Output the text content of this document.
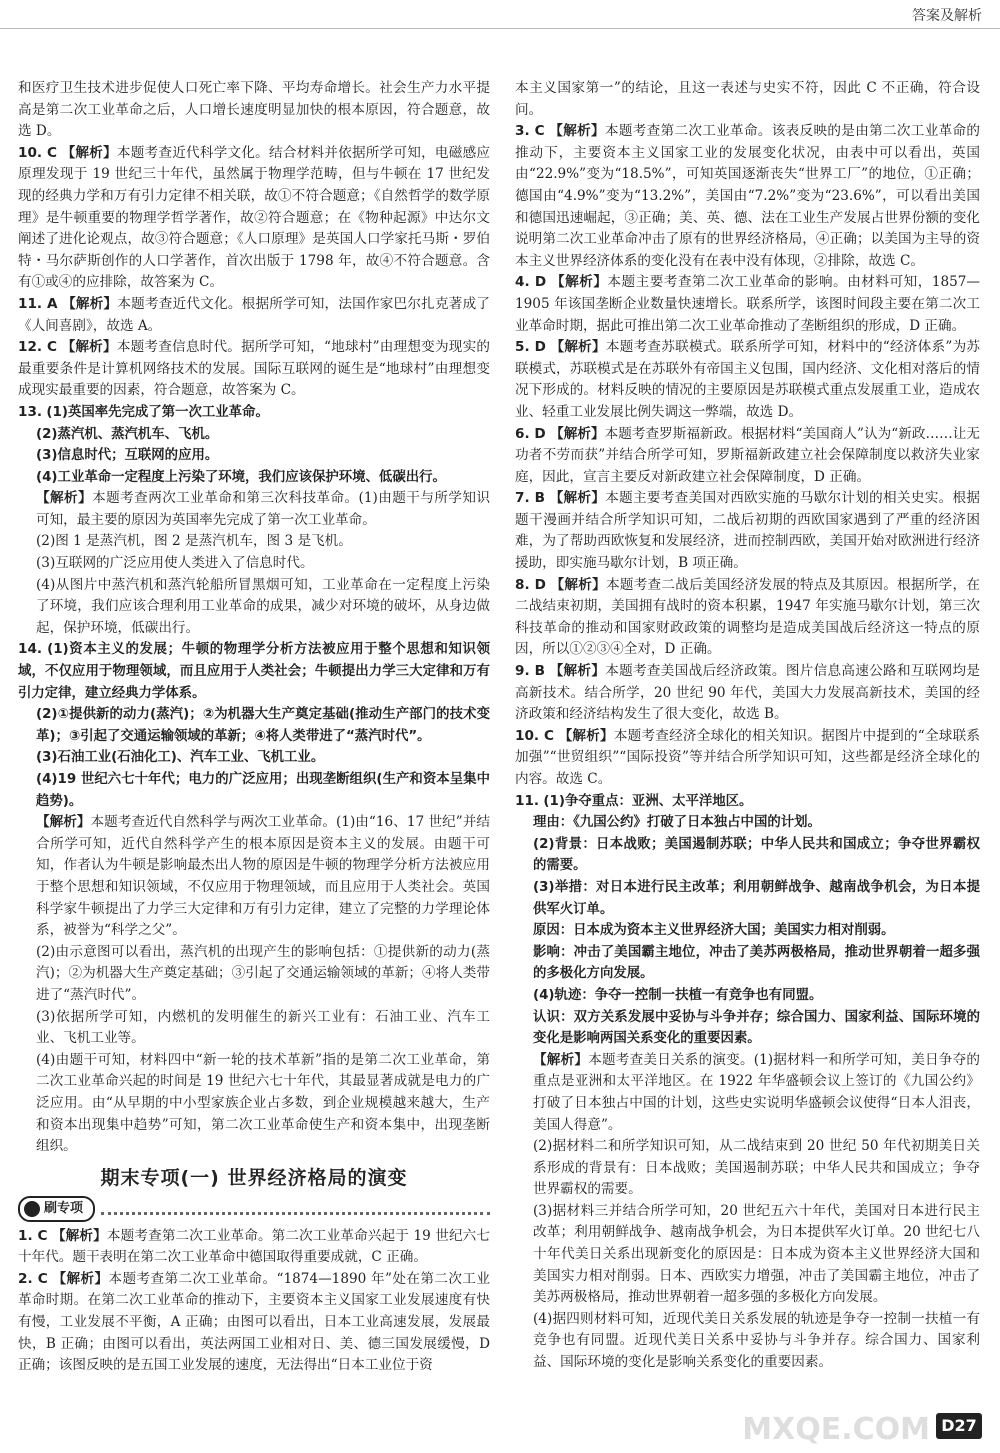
答案及解析

和医疗卫生技术进步促使人口死亡率下降、平均寿命增长。社会生产力水平提高是第二次工业革命之后，人口增长速度明显加快的根本原因，符合题意，故选 D。

10. C 【解析】本题考查近代科学文化。结合材料并依据所学可知，电磁感应原理发现于 19 世纪三十年代，虽然属于物理学范畴，但与牛顿在 17 世纪发现的经典力学和万有引力定律不相关联，故①不符合题意；《自然哲学的数学原理》是牛顿重要的物理学哲学著作，故②符合题意；在《物种起源》中达尔文阐述了进化论观点，故③符合题意；《人口原理》是英国人口学家托马斯・罗伯特・马尔萨斯创作的人口学著作，首次出版于 1798 年，故④不符合题意。含有①或④的应排除，故答案为 C。

11. A 【解析】本题考查近代文化。根据所学可知，法国作家巴尔扎克著成了《人间喜剧》，故选 A。

12. C 【解析】本题考查信息时代。据所学可知，“地球村”由理想变为现实的最重要条件是计算机网络技术的发展。国际互联网的诞生是“地球村”由理想变成现实最重要的因素，符合题意，故答案为 C。

13. (1)英国率先完成了第一次工业革命。

(2)蒸汽机、蒸汽机车、飞机。

(3)信息时代；互联网的应用。

(4)工业革命一定程度上污染了环境，我们应该保护环境、低碳出行。

【解析】本题考查两次工业革命和第三次科技革命。(1)由题干与所学知识可知，最主要的原因为英国率先完成了第一次工业革命。

(2)图 1 是蒸汽机，图 2 是蒸汽机车，图 3 是飞机。

(3)互联网的广泛应用使人类进入了信息时代。

(4)从图片中蒸汽机和蒸汽轮船所冒黑烟可知，工业革命在一定程度上污染了环境，我们应该合理利用工业革命的成果，减少对环境的破坏，从身边做起，保护环境，低碳出行。

14. (1)资本主义的发展；牛顿的物理学分析方法被应用于整个思想和知识领域，不仅应用于物理领域，而且应用于人类社会；牛顿提出力学三大定律和万有引力定律，建立经典力学体系。

(2)①提供新的动力(蒸汽)；②为机器大生产奠定基础(推动生产部门的技术变革)；③引起了交通运输领域的革新；④将人类带进了“蒸汽时代”。

(3)石油工业(石油化工)、汽车工业、飞机工业。

(4)19 世纪六七十年代；电力的广泛应用；出现垄断组织(生产和资本呈集中趋势)。

【解析】本题考查近代自然科学与两次工业革命。(1)由“16、17 世纪”并结合所学可知，近代自然科学产生的根本原因是资本主义的发展。由题干可知，作者认为牛顿是影响最杰出人物的原因是牛顿的物理学分析方法被应用于整个思想和知识领域，不仅应用于物理领域，而且应用于人类社会。英国科学家牛顿提出了力学三大定律和万有引力定律，建立了完整的力学理论体系，被誉为“科学之父”。

(2)由示意图可以看出，蒸汽机的出现产生的影响包括：①提供新的动力(蒸汽)；②为机器大生产奠定基础；③引起了交通运输领域的革新；④将人类带进了“蒸汽时代”。

(3)依据所学可知，内燃机的发明催生的新兴工业有：石油工业、汽车工业、飞机工业等。

(4)由题干可知，材料四中“新一轮的技术革新”指的是第二次工业革命，第二次工业革命兴起的时间是 19 世纪六七十年代，其最显著成就是电力的广泛应用。由“从早期的中小型家族企业占多数，到企业规模越来越大，生产和资本出现集中趋势”可知，第二次工业革命使生产和资本集中，出现垄断组织。

期末专项(一) 世界经济格局的演变
刷专项

1. C 【解析】本题考查第二次工业革命。第二次工业革命兴起于 19 世纪六七十年代。题干表明在第二次工业革命中德国取得重要成就，C 正确。

2. C 【解析】本题考查第二次工业革命。“1874—1890 年”处在第二次工业革命时期。在第二次工业革命的推动下，主要资本主义国家工业发展速度有快有慢，工业发展不平衡，A 正确；由图可以看出，日本工业高速发展，发展最快，B 正确；由图可以看出，英法两国工业相对日、美、德三国发展缓慢，D 正确；该图反映的是五国工业发展的速度，无法得出“日本工业位于资

本主义国家第一”的结论，且这一表述与史实不符，因此 C 不正确，符合设问。

3. C 【解析】本题考查第二次工业革命。该表反映的是由第二次工业革命的推动下，主要资本主义国家工业的发展变化状况，由表中可以看出，英国由“22.9%”变为“18.5%”，可知英国逐渐丧失“世界工厂”的地位，①正确；德国由“4.9%”变为“13.2%”，美国由“7.2%”变为“23.6%”，可以看出美国和德国迅速崛起，③正确；美、英、德、法在工业生产发展占世界份额的变化说明第二次工业革命冲击了原有的世界经济格局，④正确；以美国为主导的资本主义世界经济体系的变化没有在表中没有体现，②排除，故选 C。

4. D 【解析】本题主要考查第二次工业革命的影响。由材料可知，1857—1905 年该国垄断企业数量快速增长。联系所学，该图时间段主要在第二次工业革命时期，据此可推出第二次工业革命推动了垄断组织的形成，D 正确。

5. D 【解析】本题考查苏联模式。联系所学可知，材料中的“经济体系”为苏联模式，苏联模式是在苏联外有帝国主义包围，国内经济、文化相对落后的情况下形成的。材料反映的情况的主要原因是苏联模式重点发展重工业，造成农业、轻重工业发展比例失调这一弊端，故选 D。

6. D 【解析】本题考查罗斯福新政。根据材料“美国商人”认为“新政……让无功者不劳而获”并结合所学可知，罗斯福新政建立社会保障制度以救济失业家庭，因此，宣言主要反对新政建立社会保障制度，D 正确。

7. B 【解析】本题主要考查美国对西欧实施的马歇尔计划的相关史实。根据题干漫画并结合所学知识可知，二战后初期的西欧国家遇到了严重的经济困难，为了帮助西欧恢复和发展经济，进而控制西欧，美国开始对欧洲进行经济援助，即实施马歇尔计划，B 项正确。

8. D 【解析】本题考查二战后美国经济发展的特点及其原因。根据所学，在二战结束初期，美国拥有战时的资本积累，1947 年实施马歇尔计划，第三次科技革命的推动和国家财政政策的调整均是造成美国战后经济这一特点的原因，所以①②③④全对，D 正确。

9. B 【解析】本题考查美国战后经济政策。图片信息高速公路和互联网均是高新技术。结合所学，20 世纪 90 年代，美国大力发展高新技术，美国的经济政策和经济结构发生了很大变化，故选 B。

10. C 【解析】本题考查经济全球化的相关知识。据图片中提到的“全球联系加强”“世贸组织”“国际投资”等并结合所学知识可知，这些都是经济全球化的内容。故选 C。

11. (1)争夺重点：亚洲、太平洋地区。

理由：《九国公约》打破了日本独占中国的计划。

(2)背景：日本战败；美国遏制苏联；中华人民共和国成立；争夺世界霸权的需要。

(3)举措：对日本进行民主改革；利用朝鲜战争、越南战争机会，为日本提供军火订单。

原因：日本成为资本主义世界经济大国；美国实力相对削弱。

影响：冲击了美国霸主地位，冲击了美苏两极格局，推动世界朝着一超多强的多极化方向发展。

(4)轨迹：争夺一控制一扶植一有竞争也有同盟。

认识：双方关系发展中妥协与斗争并存；综合国力、国家利益、国际环境的变化是影响两国关系变化的重要因素。

【解析】本题考查美日关系的演变。(1)据材料一和所学可知，美日争夺的重点是亚洲和太平洋地区。在 1922 年华盛顿会议上签订的《九国公约》打破了日本独占中国的计划，这些史实说明华盛顿会议使得“日本人泪丧，美国人得意”。

(2)据材料二和所学知识可知，从二战结束到 20 世纪 50 年代初期美日关系形成的背景有：日本战败；美国遏制苏联；中华人民共和国成立；争夺世界霸权的需要。

(3)据材料三并结合所学可知，20 世纪五六十年代，美国对日本进行民主改革；利用朝鲜战争、越南战争机会，为日本提供军火订单。20 世纪七八十年代美日关系出现新变化的原因是：日本成为资本主义世界经济大国和美国实力相对削弱。日本、西欧实力增强，冲击了美国霸主地位，冲击了美苏两极格局，推动世界朝着一超多强的多极化方向发展。

(4)据四则材料可知，近现代美日关系发展的轨迹是争夺一控制一扶植一有竞争也有同盟。近现代美日关系中妥协与斗争并存。综合国力、国家利益、国际环境的变化是影响关系变化的重要因素。

MXQE.COM D27
